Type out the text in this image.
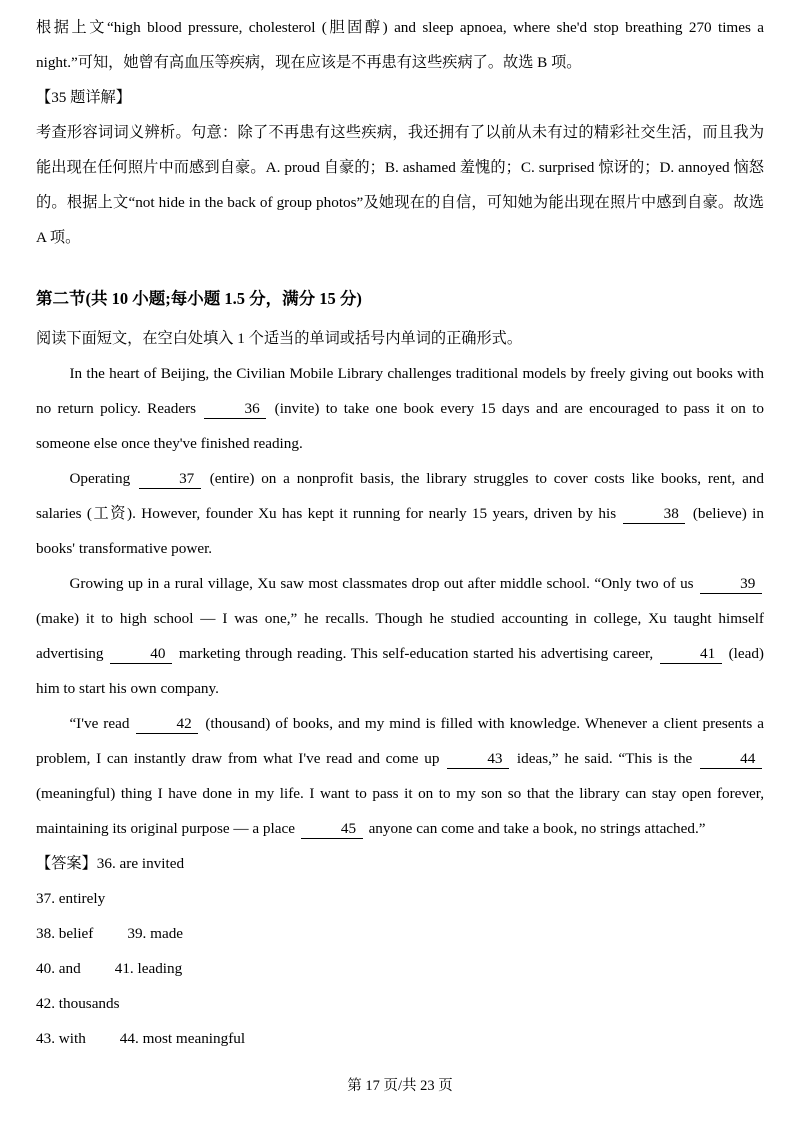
根据上文“high blood pressure, cholesterol (胆固醇) and sleep apnoea, where she'd stop breathing 270 times a night.”可知，她曾有高血压等疾病，现在应该是不再患有这些疾病了。故选 B 项。

【35 题详解】

考查形容词词义辨析。句意：除了不再患有这些疾病，我还拥有了以前从未有过的精彩社交生活，而且我为能出现在任何照片中而感到自豪。A. proud 自豪的；B. ashamed 羞愧的；C. surprised 惊讶的；D. annoyed 恼怒的。根据上文“not hide in the back of group photos”及她现在的自信，可知她为能出现在照片中感到自豪。故选 A 项。

第二节(共 10 小题;每小题 1.5 分，满分 15 分)

阅读下面短文，在空白处填入 1 个适当的单词或括号内单词的正确形式。

In the heart of Beijing, the Civilian Mobile Library challenges traditional models by freely giving out books with no return policy. Readers	36 (invite) to take one book every 15 days and are encouraged to pass it on to someone else once they've finished reading.

Operating	37 (entire) on a nonprofit basis, the library struggles to cover costs like books, rent, and salaries (工资). However, founder Xu has kept it running for nearly 15 years, driven by his	38 (believe) in books' transformative power.

Growing up in a rural village, Xu saw most classmates drop out after middle school. “Only two of us	39 (make) it to high school — I was one,” he recalls. Though he studied accounting in college, Xu taught himself advertising	40 marketing through reading. This self-education started his advertising career,	41 (lead) him to start his own company.

“I've read	42 (thousand) of books, and my mind is filled with knowledge. Whenever a client presents a problem, I can instantly draw from what I've read and come up	43 ideas,” he said. “This is the	44 (meaningful) thing I have done in my life. I want to pass it on to my son so that the library can stay open forever, maintaining its original purpose — a place	45 anyone can come and take a book, no strings attached.”

【答案】36. are invited

37. entirely

38. belief 39. made

40. and 41. leading

42. thousands

43. with 44. most meaningful

第 17 页/共 23 页
